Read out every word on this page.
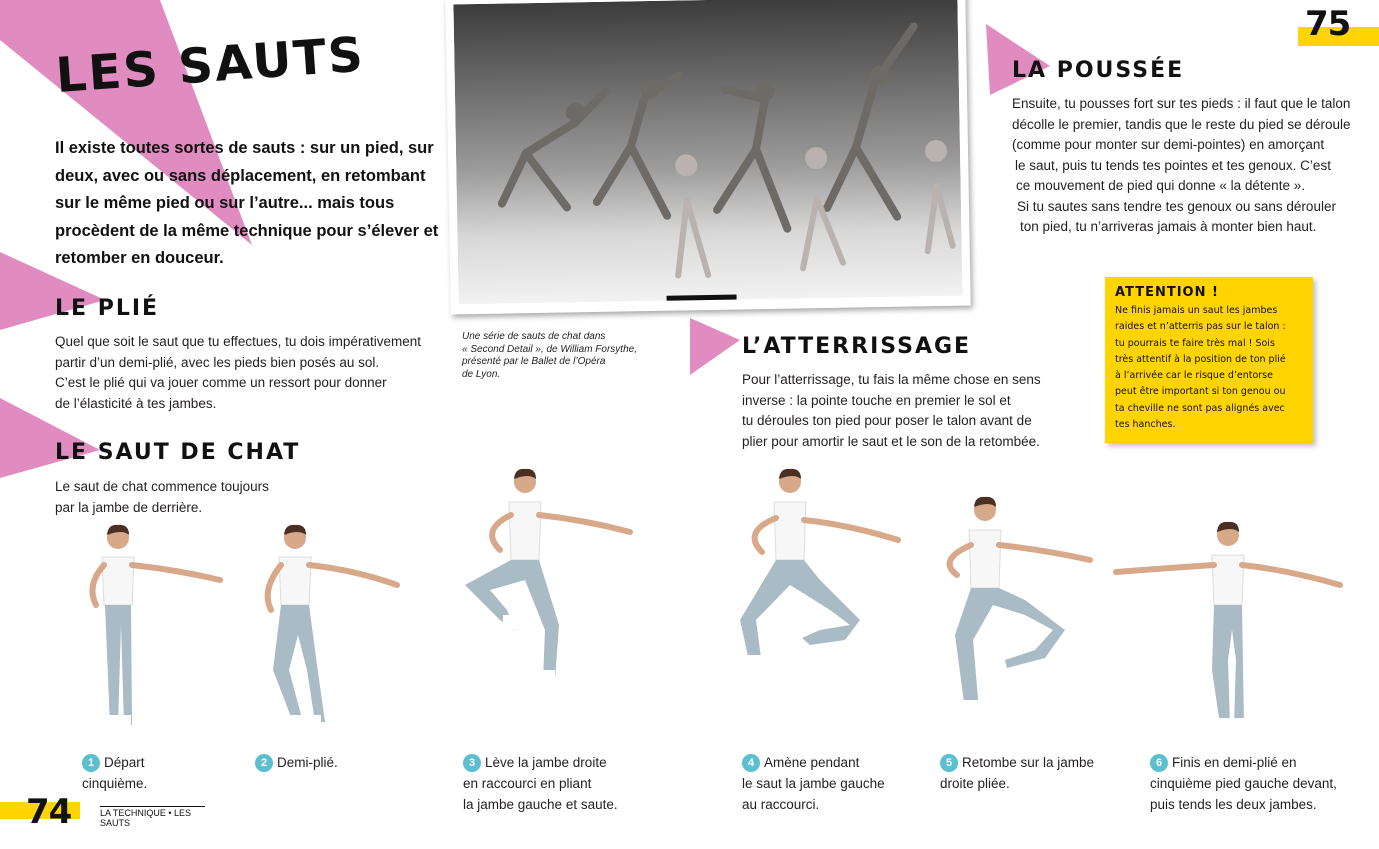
75
74	LA TECHNIQUE • LES SAUTS
LES SAUTS
Il existe toutes sortes de sauts : sur un pied, sur deux, avec ou sans déplacement, en retombant sur le même pied ou sur l’autre... mais tous procèdent de la même technique pour s’élever et retomber en douceur.
LE PLIÉ
Quel que soit le saut que tu effectues, tu dois impérativement
partir d’un demi-plié, avec les pieds bien posés au sol.
C’est le plié qui va jouer comme un ressort pour donner
de l’élasticité à tes jambes.
LE SAUT DE CHAT
Le saut de chat commence toujours
par la jambe de derrière.
Une série de sauts de chat dans
« Second Detail », de William Forsythe,
présenté par le Ballet de l’Opéra
de Lyon.
LA POUSSÉE
Ensuite, tu pousses fort sur tes pieds : il faut que le talon
décolle le premier, tandis que le reste du pied se déroule
(comme pour monter sur demi-pointes) en amorçant
le saut, puis tu tends tes pointes et tes genoux. C’est
ce mouvement de pied qui donne « la détente ».
Si tu sautes sans tendre tes genoux ou sans dérouler
ton pied, tu n’arriveras jamais à monter bien haut.
L’ATTERRISSAGE
Pour l’atterrissage, tu fais la même chose en sens
inverse : la pointe touche en premier le sol et
tu déroules ton pied pour poser le talon avant de
plier pour amortir le saut et le son de la retombée.
ATTENTION !
Ne finis jamais un saut les jambes
raides et n’atterris pas sur le talon :
tu pourrais te faire très mal ! Sois
très attentif à la position de ton plié
à l’arrivée car le risque d’entorse
peut être important si ton genou ou
ta cheville ne sont pas alignés avec
tes hanches.
1 Départ
cinquième.
2 Demi-plié.	3 Lève la jambe droite
en raccourci en pliant
la jambe gauche et saute.
4 Amène pendant
le saut la jambe gauche
au raccourci.
5 Retombe sur la jambe
droite pliée.
6 Finis en demi-plié en
cinquième pied gauche devant,
puis tends les deux jambes.
